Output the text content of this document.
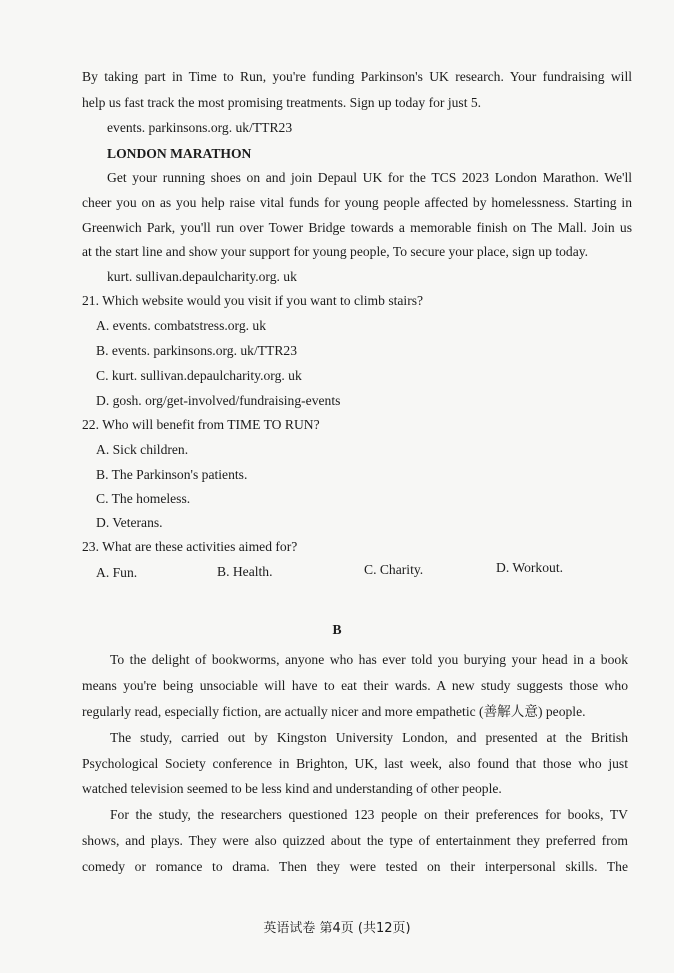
By taking part in Time to Run, you're funding Parkinson's UK research. Your fundraising will
help us fast track the most promising treatments. Sign up today for just 5.
events. parkinsons.org. uk/TTR23
LONDON MARATHON
Get your running shoes on and join Depaul UK for the TCS 2023 London Marathon. We'll
cheer you on as you help raise vital funds for young people affected by homelessness. Starting in
Greenwich Park, you'll run over Tower Bridge towards a memorable finish on The Mall. Join us
at the start line and show your support for young people, To secure your place, sign up today.
kurt. sullivan.depaulcharity.org. uk
21. Which website would you visit if you want to climb stairs?
A. events. combatstress.org. uk
B. events. parkinsons.org. uk/TTR23
C. kurt. sullivan.depaulcharity.org. uk
D. gosh. org/get-involved/fundraising-events
22. Who will benefit from TIME TO RUN?
A. Sick children.
B. The Parkinson's patients.
C. The homeless.
D. Veterans.
23. What are these activities aimed for?
A. Fun.	B. Health.	C. Charity.	D. Workout.
B
To the delight of bookworms, anyone who has ever told you burying your head in a book
means you're being unsociable will have to eat their wards. A new study suggests those who
regularly read, especially fiction, are actually nicer and more empathetic (善解人意) people.
The study, carried out by Kingston University London, and presented at the British
Psychological Society conference in Brighton, UK, last week, also found that those who just
watched television seemed to be less kind and understanding of other people.
For the study, the researchers questioned 123 people on their preferences for books, TV
shows, and plays. They were also quizzed about the type of entertainment they preferred from
comedy or romance to drama. Then they were tested on their interpersonal skills. The
英语试卷 第4页 (共12页)
